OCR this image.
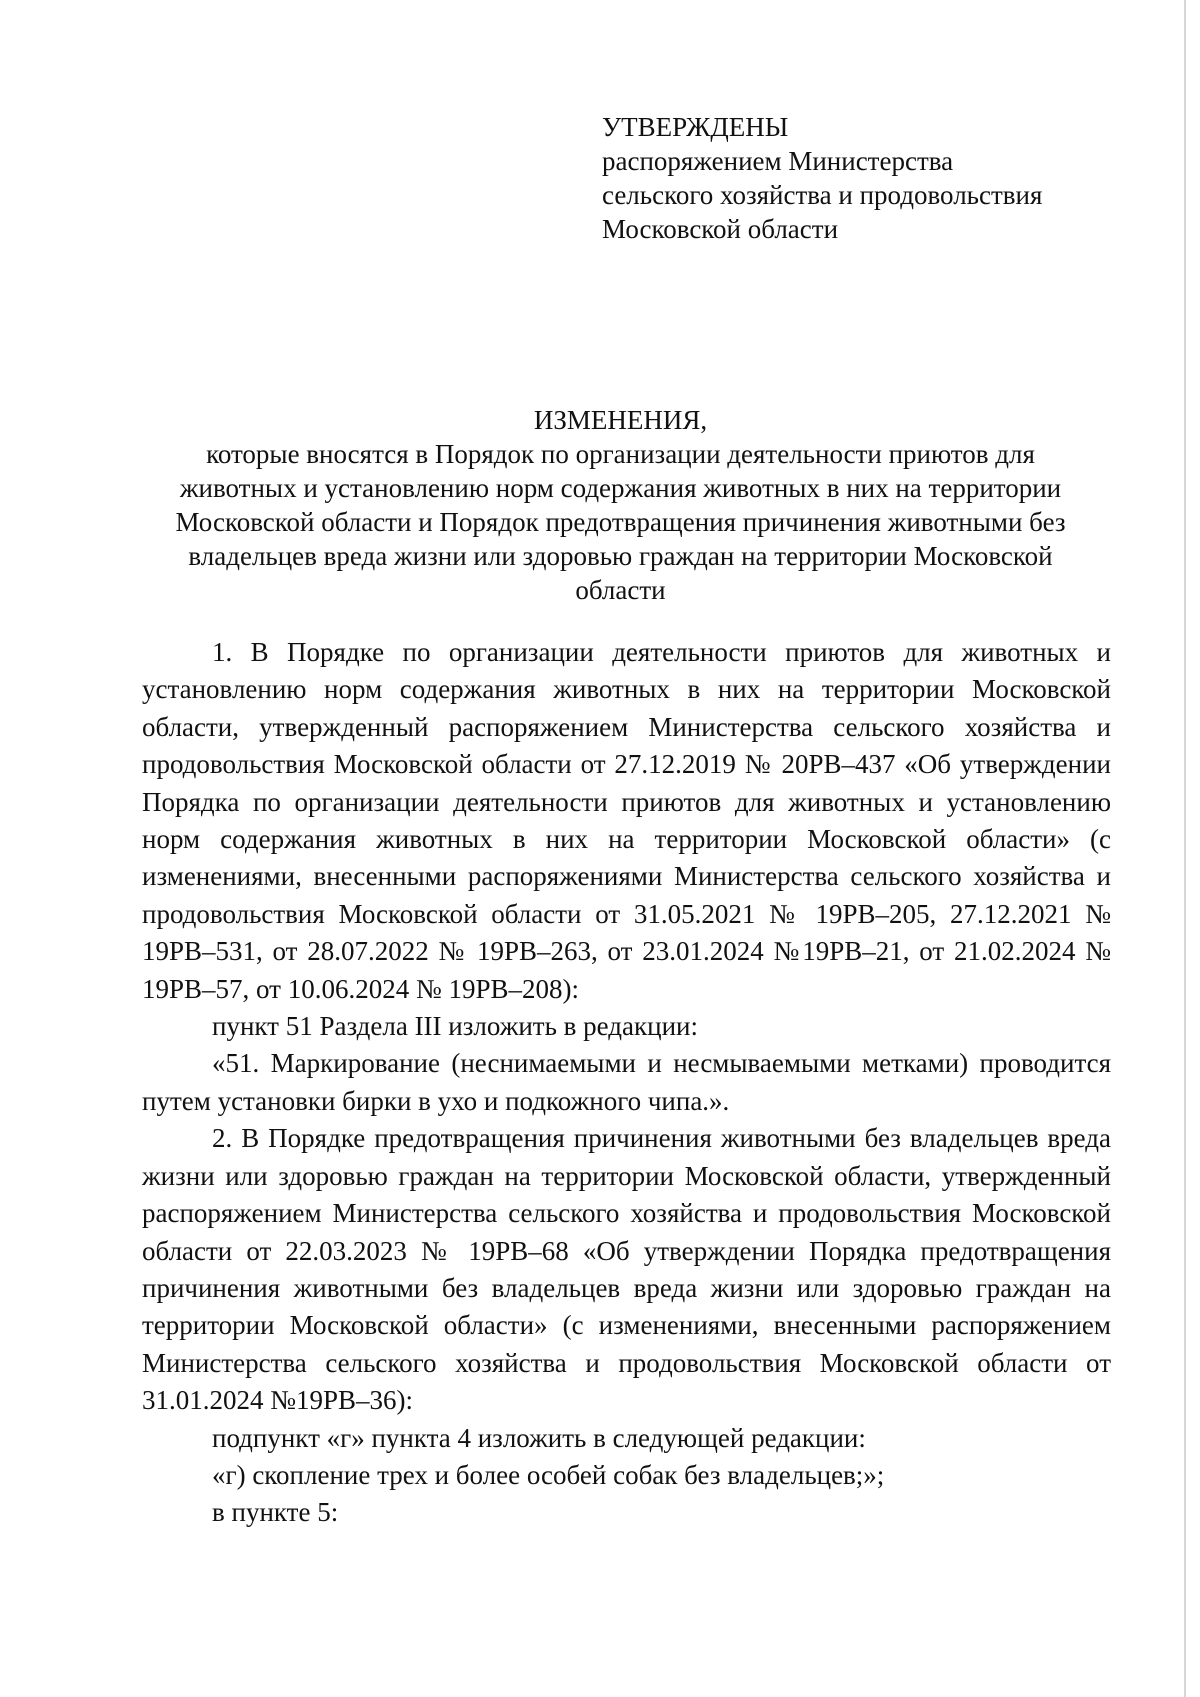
УТВЕРЖДЕНЫ
распоряжением Министерства
сельского хозяйства и продовольствия
Московской области

ИЗМЕНЕНИЯ,

которые вносятся в Порядок по организации деятельности приютов для животных и установлению норм содержания животных в них на территории Московской области и Порядок предотвращения причинения животными без владельцев вреда жизни или здоровью граждан на территории Московской области

1. В Порядке по организации деятельности приютов для животных и установлению норм содержания животных в них на территории Московской области, утвержденный распоряжением Министерства сельского хозяйства и продовольствия Московской области от 27.12.2019 № 20РВ–437 «Об утверждении Порядка по организации деятельности приютов для животных и установлению норм содержания животных в них на территории Московской области» (с изменениями, внесенными распоряжениями Министерства сельского хозяйства и продовольствия Московской области от 31.05.2021 № 19РВ–205, 27.12.2021 № 19РВ–531, от 28.07.2022 № 19РВ–263, от 23.01.2024 №19РВ–21, от 21.02.2024 № 19РВ–57, от 10.06.2024 № 19РВ–208):

пункт 51 Раздела III изложить в редакции:

«51. Маркирование (неснимаемыми и несмываемыми метками) проводится путем установки бирки в ухо и подкожного чипа.».

2. В Порядке предотвращения причинения животными без владельцев вреда жизни или здоровью граждан на территории Московской области, утвержденный распоряжением Министерства сельского хозяйства и продовольствия Московской области от 22.03.2023 № 19РВ–68 «Об утверждении Порядка предотвращения причинения животными без владельцев вреда жизни или здоровью граждан на территории Московской области» (с изменениями, внесенными распоряжением Министерства сельского хозяйства и продовольствия Московской области от 31.01.2024 №19РВ–36):

подпункт «г» пункта 4 изложить в следующей редакции:

«г) скопление трех и более особей собак без владельцев;»;

в пункте 5:
